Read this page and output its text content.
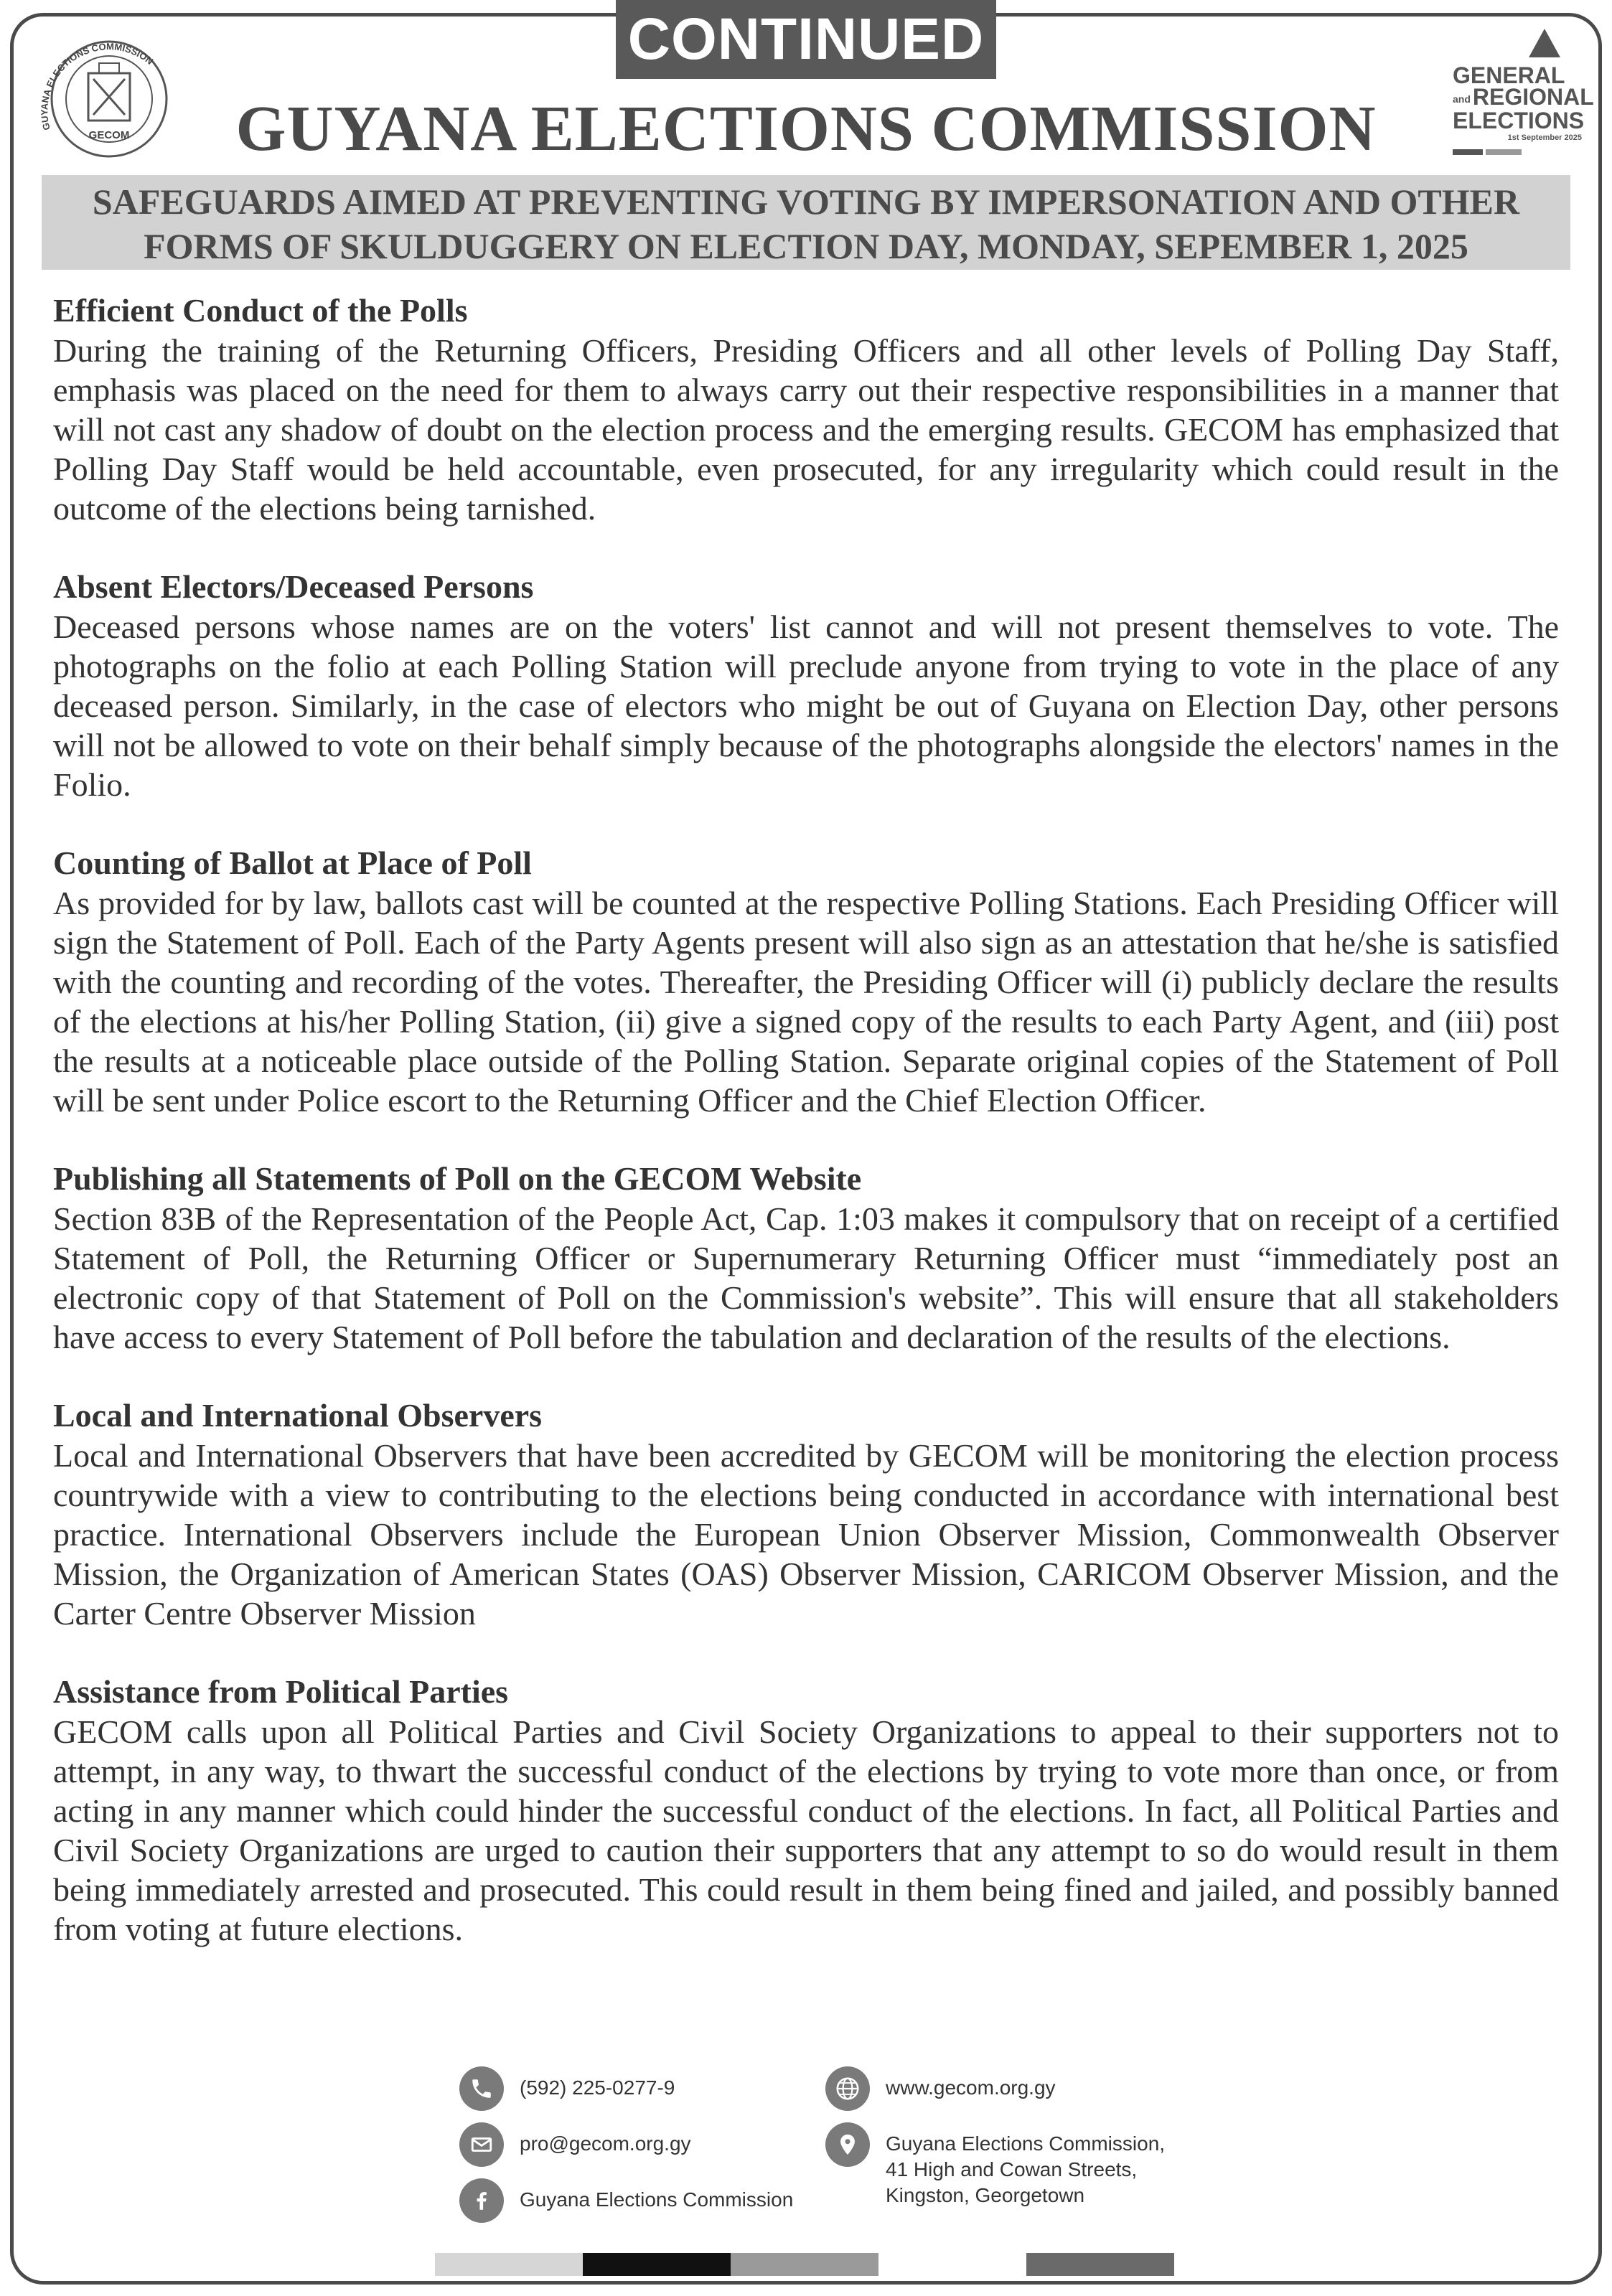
CONTINUED
GUYANA ELECTIONS COMMISSION
GECOM
GENERAL
andREGIONAL
ELECTIONS
1st September 2025
GUYANA ELECTIONS COMMISSION
SAFEGUARDS AIMED AT PREVENTING VOTING BY IMPERSONATION AND OTHER
FORMS OF SKULDUGGERY ON ELECTION DAY, MONDAY, SEPEMBER 1, 2025
Efficient Conduct of the Polls

During the training of the Returning Officers, Presiding Officers and all other levels of Polling Day Staff, emphasis was placed on the need for them to always carry out their respective responsibilities in a manner that will not cast any shadow of doubt on the election process and the emerging results. GECOM has emphasized that Polling Day Staff would be held accountable, even prosecuted, for any irregularity which could result in the outcome of the elections being tarnished.

Absent Electors/Deceased Persons

Deceased persons whose names are on the voters' list cannot and will not present themselves to vote. The photographs on the folio at each Polling Station will preclude anyone from trying to vote in the place of any deceased person. Similarly, in the case of electors who might be out of Guyana on Election Day, other persons will not be allowed to vote on their behalf simply because of the photographs alongside the electors' names in the Folio.

Counting of Ballot at Place of Poll

As provided for by law, ballots cast will be counted at the respective Polling Stations. Each Presiding Officer will sign the Statement of Poll. Each of the Party Agents present will also sign as an attestation that he/she is satisfied with the counting and recording of the votes. Thereafter, the Presiding Officer will (i) publicly declare the results of the elections at his/her Polling Station, (ii) give a signed copy of the results to each Party Agent, and (iii) post the results at a noticeable place outside of the Polling Station. Separate original copies of the Statement of Poll will be sent under Police escort to the Returning Officer and the Chief Election Officer.

Publishing all Statements of Poll on the GECOM Website

Section 83B of the Representation of the People Act, Cap. 1:03 makes it compulsory that on receipt of a certified Statement of Poll, the Returning Officer or Supernumerary Returning Officer must “immediately post an electronic copy of that Statement of Poll on the Commission's website”. This will ensure that all stakeholders have access to every Statement of Poll before the tabulation and declaration of the results of the elections.

Local and International Observers

Local and International Observers that have been accredited by GECOM will be monitoring the election process countrywide with a view to contributing to the elections being conducted in accordance with international best practice. International Observers include the European Union Observer Mission, Commonwealth Observer Mission, the Organization of American States (OAS) Observer Mission, CARICOM Observer Mission, and the Carter Centre Observer Mission

Assistance from Political Parties

GECOM calls upon all Political Parties and Civil Society Organizations to appeal to their supporters not to attempt, in any way, to thwart the successful conduct of the elections by trying to vote more than once, or from acting in any manner which could hinder the successful conduct of the elections. In fact, all Political Parties and Civil Society Organizations are urged to caution their supporters that any attempt to so do would result in them being immediately arrested and prosecuted. This could result in them being fined and jailed, and possibly banned from voting at future elections.

(592) 225-0277-9
pro@gecom.org.gy
Guyana Elections Commission
www.gecom.org.gy
Guyana Elections Commission,
41 High and Cowan Streets,
Kingston, Georgetown
